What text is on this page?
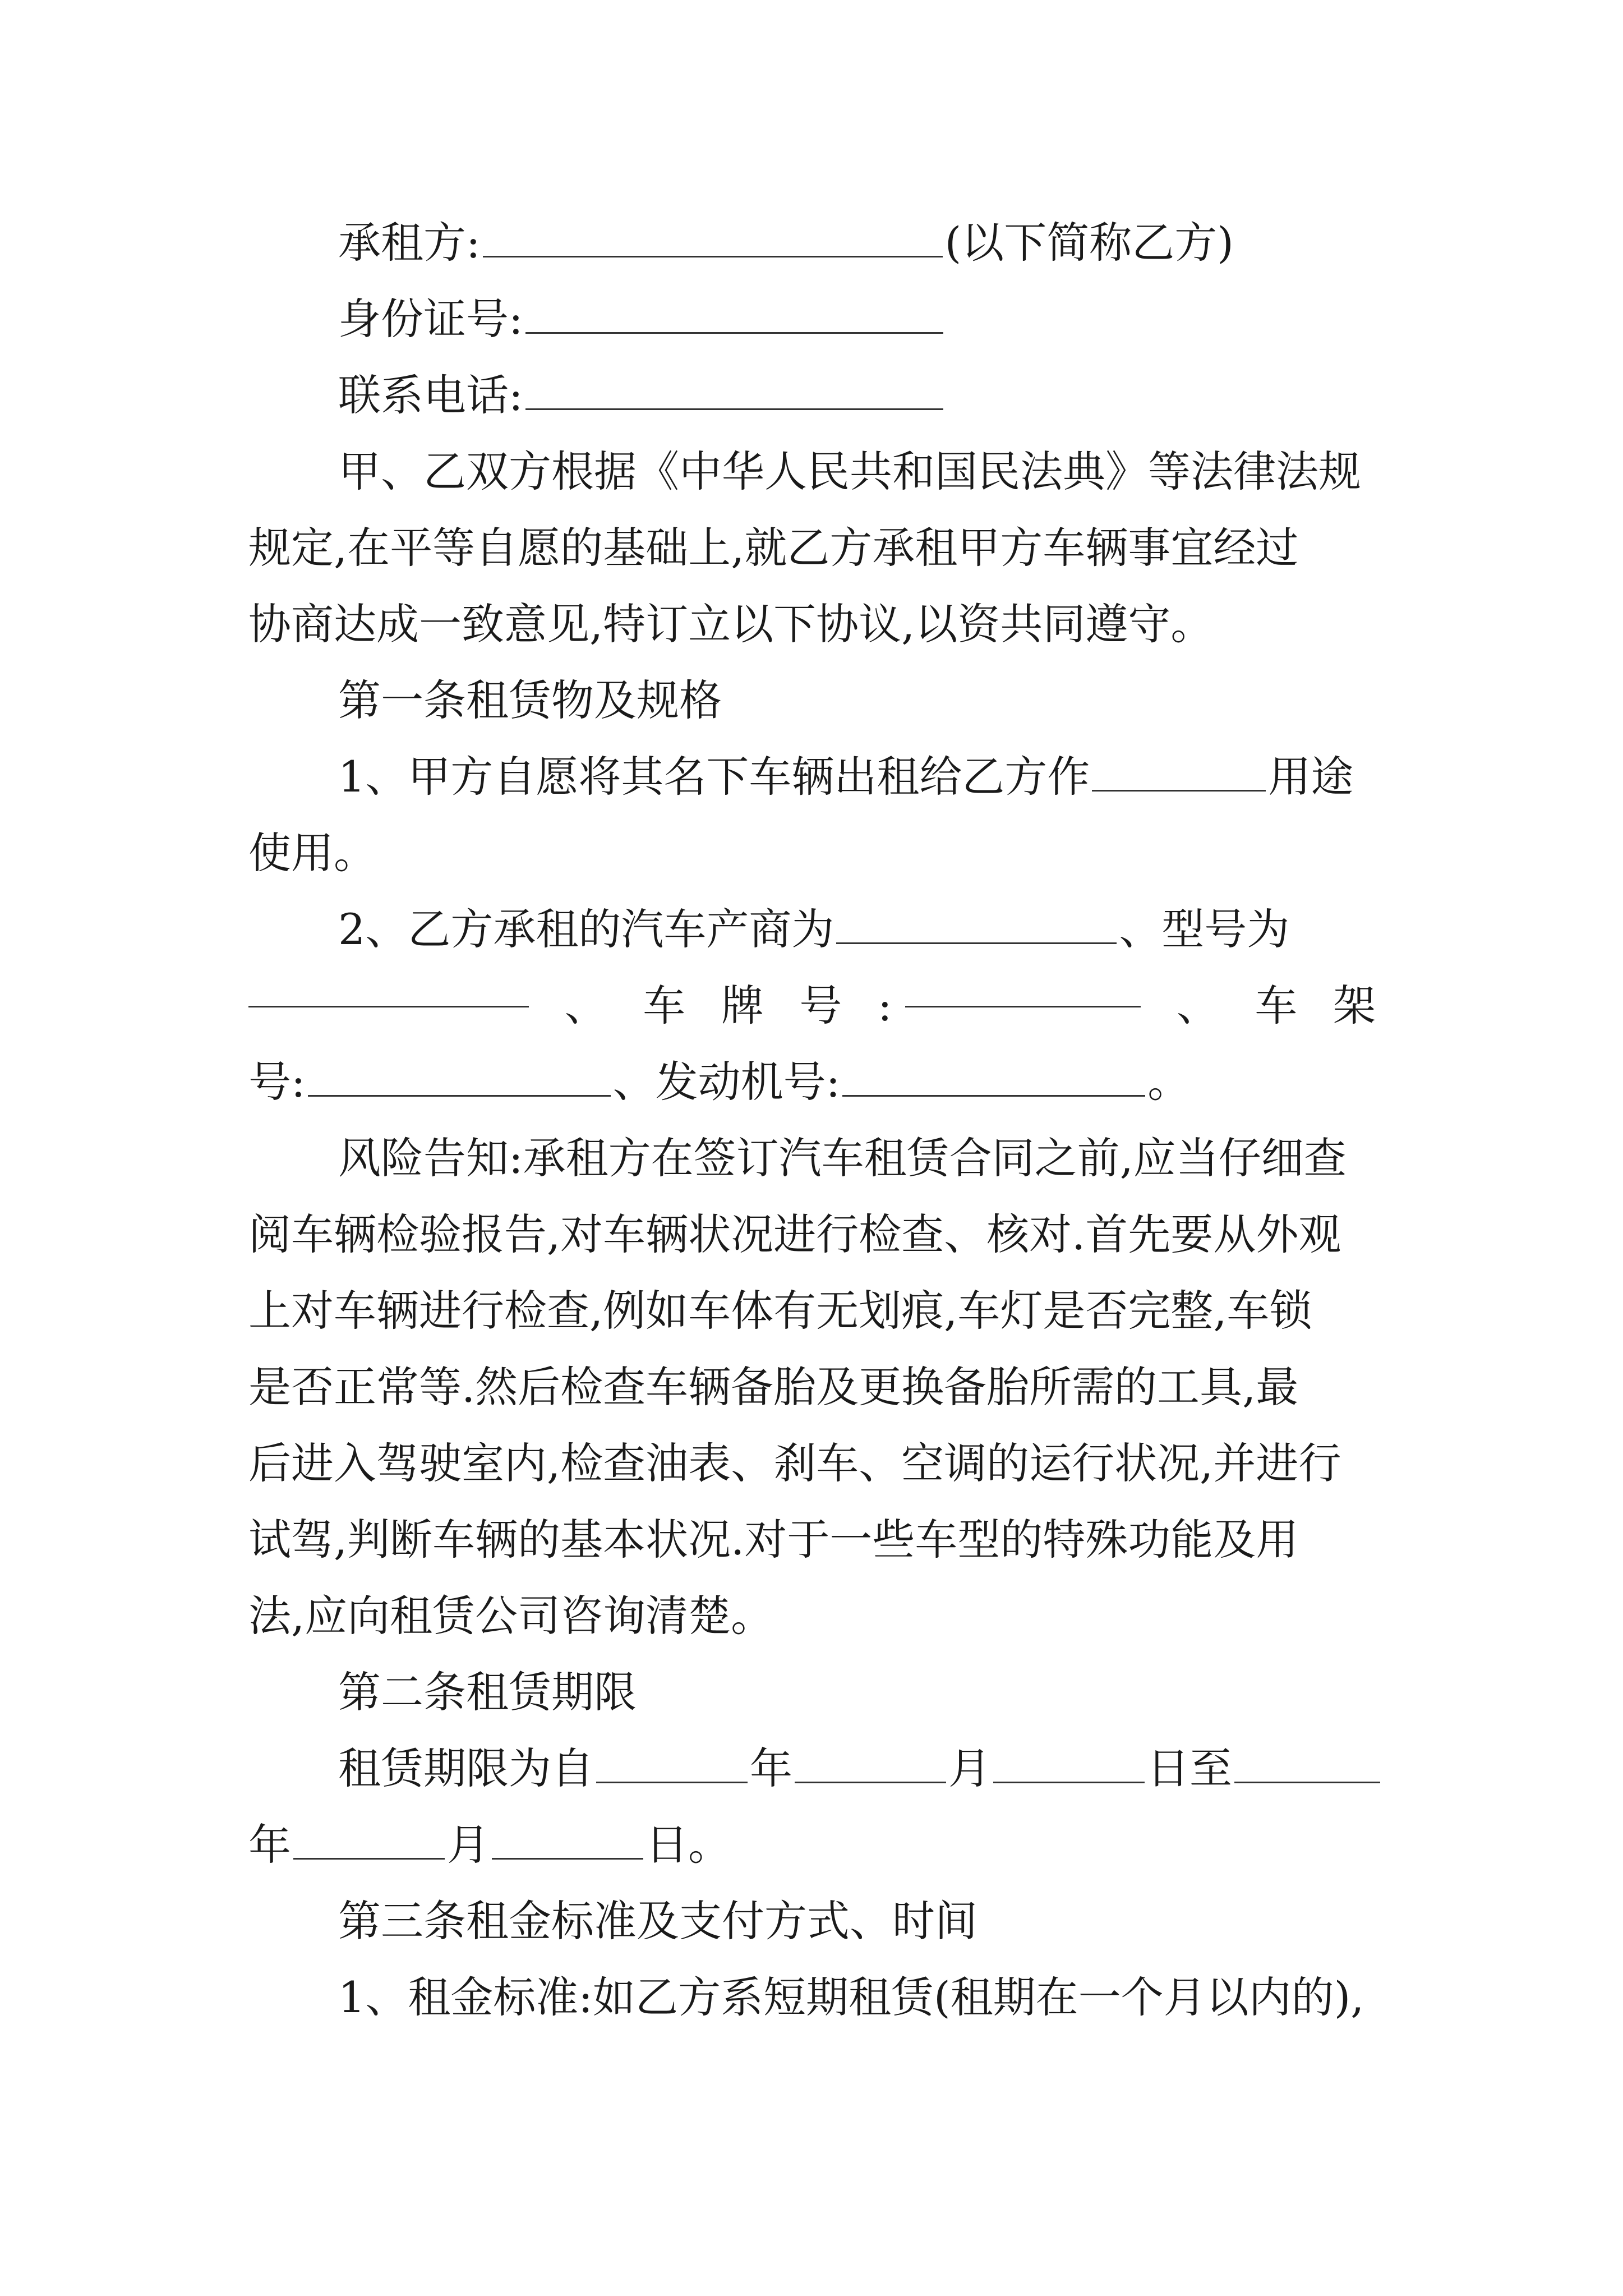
承租方:	(以下简称乙方)
身份证号:
联系电话:
甲、乙双方根据《中华人民共和国民法典》等法律法规
规定,在平等自愿的基础上,就乙方承租甲方车辆事宜经过
协商达成一致意见,特订立以下协议,以资共同遵守。
第一条租赁物及规格
1、甲方自愿将其名下车辆出租给乙方作	用途
使用。
2、乙方承租的汽车产商为	、型号为
、 车 牌 号 :	、 车 架
号:	、发动机号:	。
风险告知:承租方在签订汽车租赁合同之前,应当仔细查
阅车辆检验报告,对车辆状况进行检查、核对.首先要从外观
上对车辆进行检查,例如车体有无划痕,车灯是否完整,车锁
是否正常等.然后检查车辆备胎及更换备胎所需的工具,最
后进入驾驶室内,检查油表、刹车、空调的运行状况,并进行
试驾,判断车辆的基本状况.对于一些车型的特殊功能及用
法,应向租赁公司咨询清楚。
第二条租赁期限
租赁期限为自	年	月	日至
年	月	日。
第三条租金标准及支付方式、时间
1、租金标准:如乙方系短期租赁(租期在一个月以内的),
